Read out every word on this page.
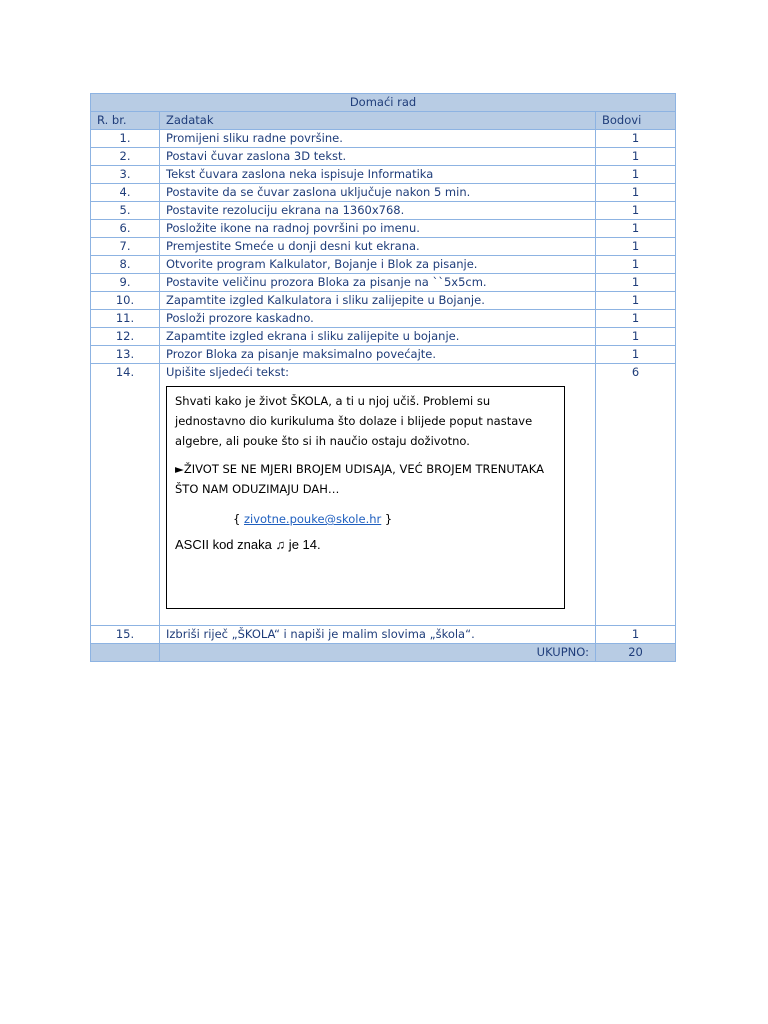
Domaći rad		
R. br.	Zadatak	Bodovi
1.	Promijeni sliku radne površine.	1
2.	Postavi čuvar zaslona 3D tekst.	1
3.	Tekst čuvara zaslona neka ispisuje Informatika	1
4.	Postavite da se čuvar zaslona uključuje nakon 5 min.	1
5.	Postavite rezoluciju ekrana na 1360x768.	1
6.	Posložite ikone na radnoj površini po imenu.	1
7.	Premjestite Smeće u donji desni kut ekrana.	1
8.	Otvorite program Kalkulator, Bojanje i Blok za pisanje.	1
9.	Postavite veličinu prozora Bloka za pisanje na ``5x5cm.	1
10.	Zapamtite izgled Kalkulatora i sliku zalijepite u Bojanje.	1
11.	Posloži prozore kaskadno.	1
12.	Zapamtite izgled ekrana i sliku zalijepite u bojanje.	1
13.	Prozor Bloka za pisanje maksimalno povećajte.	1
14.	Upišite sljedeći tekst:

Shvati kako je život ŠKOLA, a ti u njoj učiš. Problemi su jednostavno dio kurikuluma što dolaze i blijede poput nastave algebre, ali pouke što si ih naučio ostaju doživotno.

►ŽIVOT SE NE MJERI BROJEM UDISAJA, VEĆ BROJEM TRENUTAKA ŠTO NAM ODUZIMAJU DAH…

{ zivotne.pouke@skole.hr }
ASCII kod znaka ♫ je 14.	6
15.	Izbriši riječ „ŠKOLA“ i napiši je malim slovima „škola“.	1
	UKUPNO:	20
